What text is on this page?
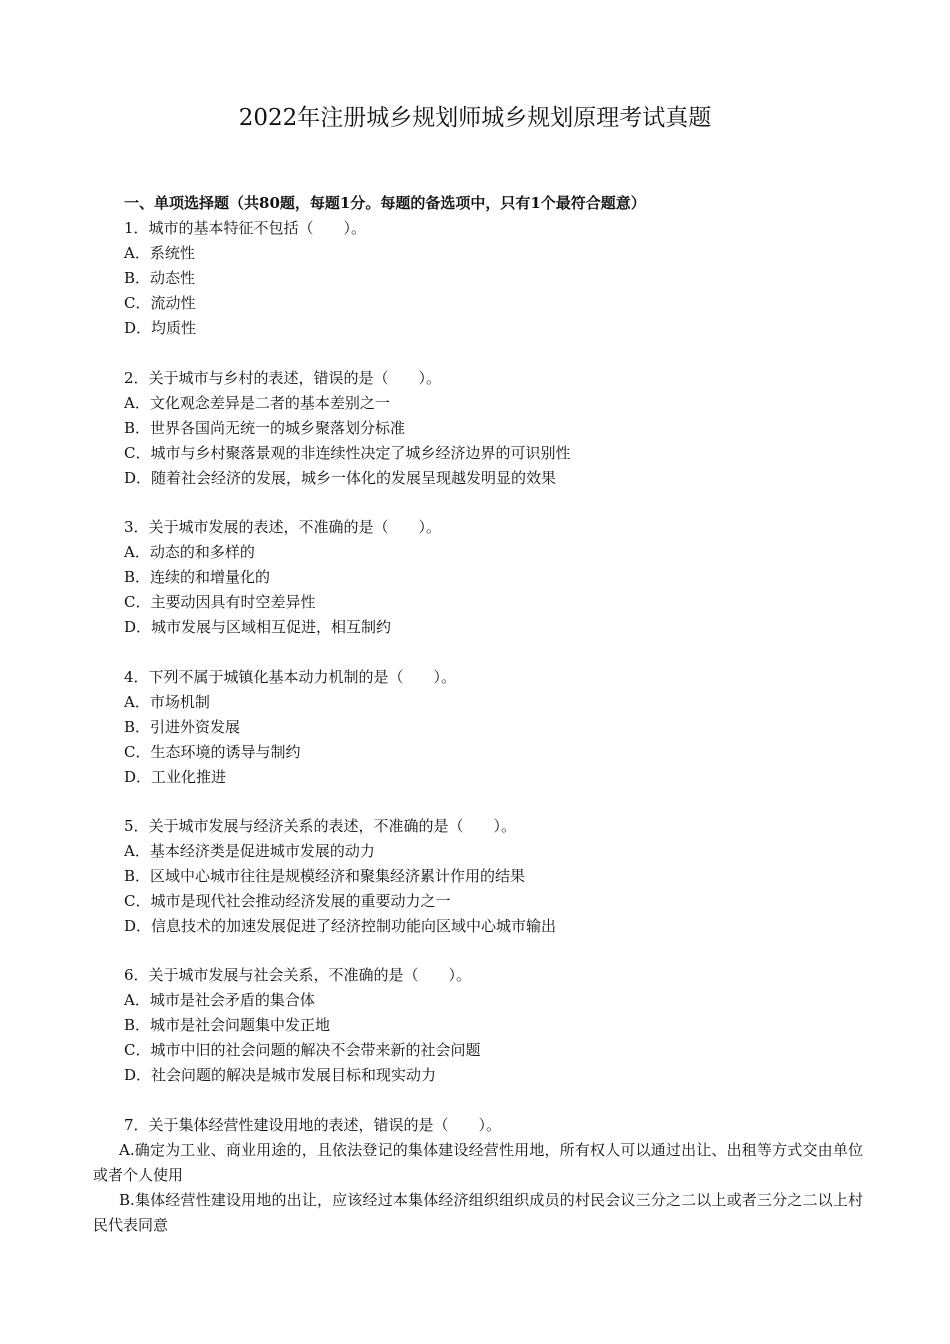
2022年注册城乡规划师城乡规划原理考试真题
一、单项选择题（共80题，每题1分。每题的备选项中，只有1个最符合题意）
1．城市的基本特征不包括（　　）。
A．系统性
B．动态性
C．流动性
D．均质性
2．关于城市与乡村的表述，错误的是（　　）。
A．文化观念差异是二者的基本差别之一
B．世界各国尚无统一的城乡聚落划分标准
C．城市与乡村聚落景观的非连续性决定了城乡经济边界的可识别性
D．随着社会经济的发展，城乡一体化的发展呈现越发明显的效果
3．关于城市发展的表述，不准确的是（　　）。
A．动态的和多样的
B．连续的和增量化的
C．主要动因具有时空差异性
D．城市发展与区域相互促进，相互制约
4．下列不属于城镇化基本动力机制的是（　　）。
A．市场机制
B．引进外资发展
C．生态环境的诱导与制约
D．工业化推进
5．关于城市发展与经济关系的表述，不准确的是（　　）。
A．基本经济类是促进城市发展的动力
B．区域中心城市往往是规模经济和聚集经济累计作用的结果
C．城市是现代社会推动经济发展的重要动力之一
D．信息技术的加速发展促进了经济控制功能向区域中心城市输出
6．关于城市发展与社会关系，不准确的是（　　）。
A．城市是社会矛盾的集合体
B．城市是社会问题集中发正地
C．城市中旧的社会问题的解决不会带来新的社会问题
D．社会问题的解决是城市发展目标和现实动力
7．关于集体经营性建设用地的表述，错误的是（　　）。
A.确定为工业、商业用途的，且依法登记的集体建设经营性用地，所有权人可以通过出让、出租等方式交由单位或者个人使用
B.集体经营性建设用地的出让，应该经过本集体经济组织组织成员的村民会议三分之二以上或者三分之二以上村民代表同意
